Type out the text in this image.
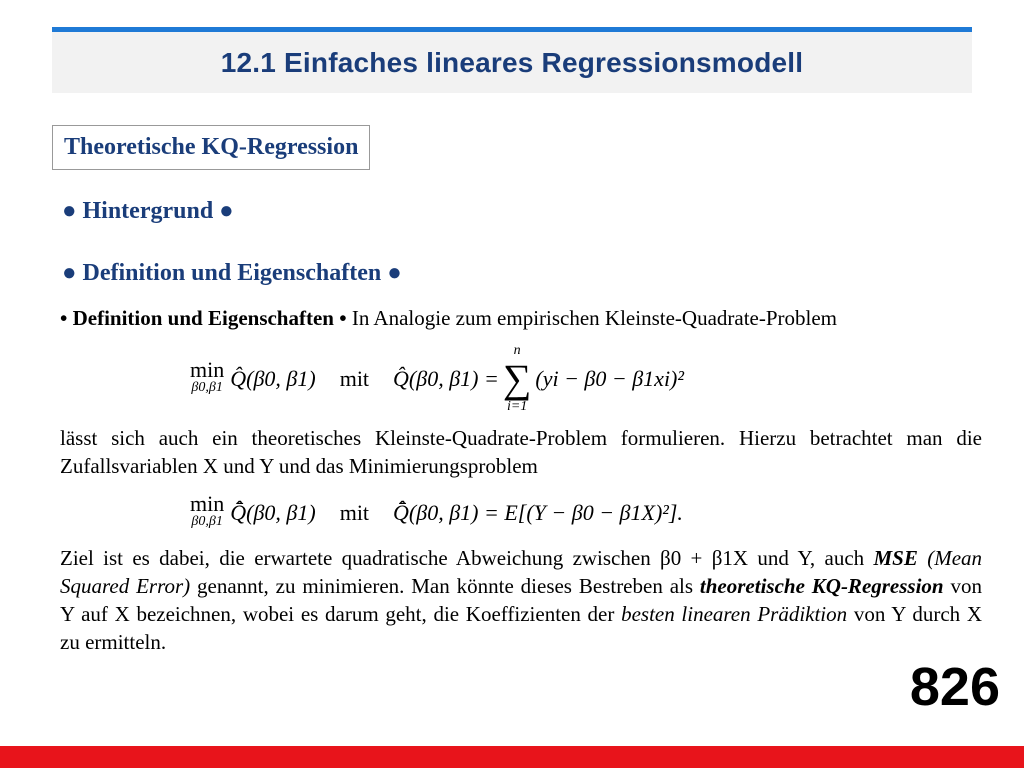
12.1 Einfaches lineares Regressionsmodell
Theoretische KQ-Regression
● Hintergrund ●
● Definition und Eigenschaften ●

• Definition und Eigenschaften • In Analogie zum empirischen Kleinste-Quadrate-Problem

min
β0,β1 Q̂(β0, β1) mit Q̂(β0, β1) =
n
∑
i=1
(yi − β0 − β1xi)²

lässt sich auch ein theoretisches Kleinste-Quadrate-Problem formulieren. Hierzu betrachtet man die Zufallsvariablen X und Y und das Minimierungsproblem

min
β0,β1 Q̂̄(β0, β1) mit Q̂̄(β0, β1) = E[(Y − β0 − β1X)²].

Ziel ist es dabei, die erwartete quadratische Abweichung zwischen β0 + β1X und Y, auch MSE (Mean Squared Error) genannt, zu minimieren. Man könnte dieses Bestreben als theoretische KQ-Regression von Y auf X bezeichnen, wobei es darum geht, die Koeffizienten der besten linearen Prädiktion von Y durch X zu ermitteln.

826
